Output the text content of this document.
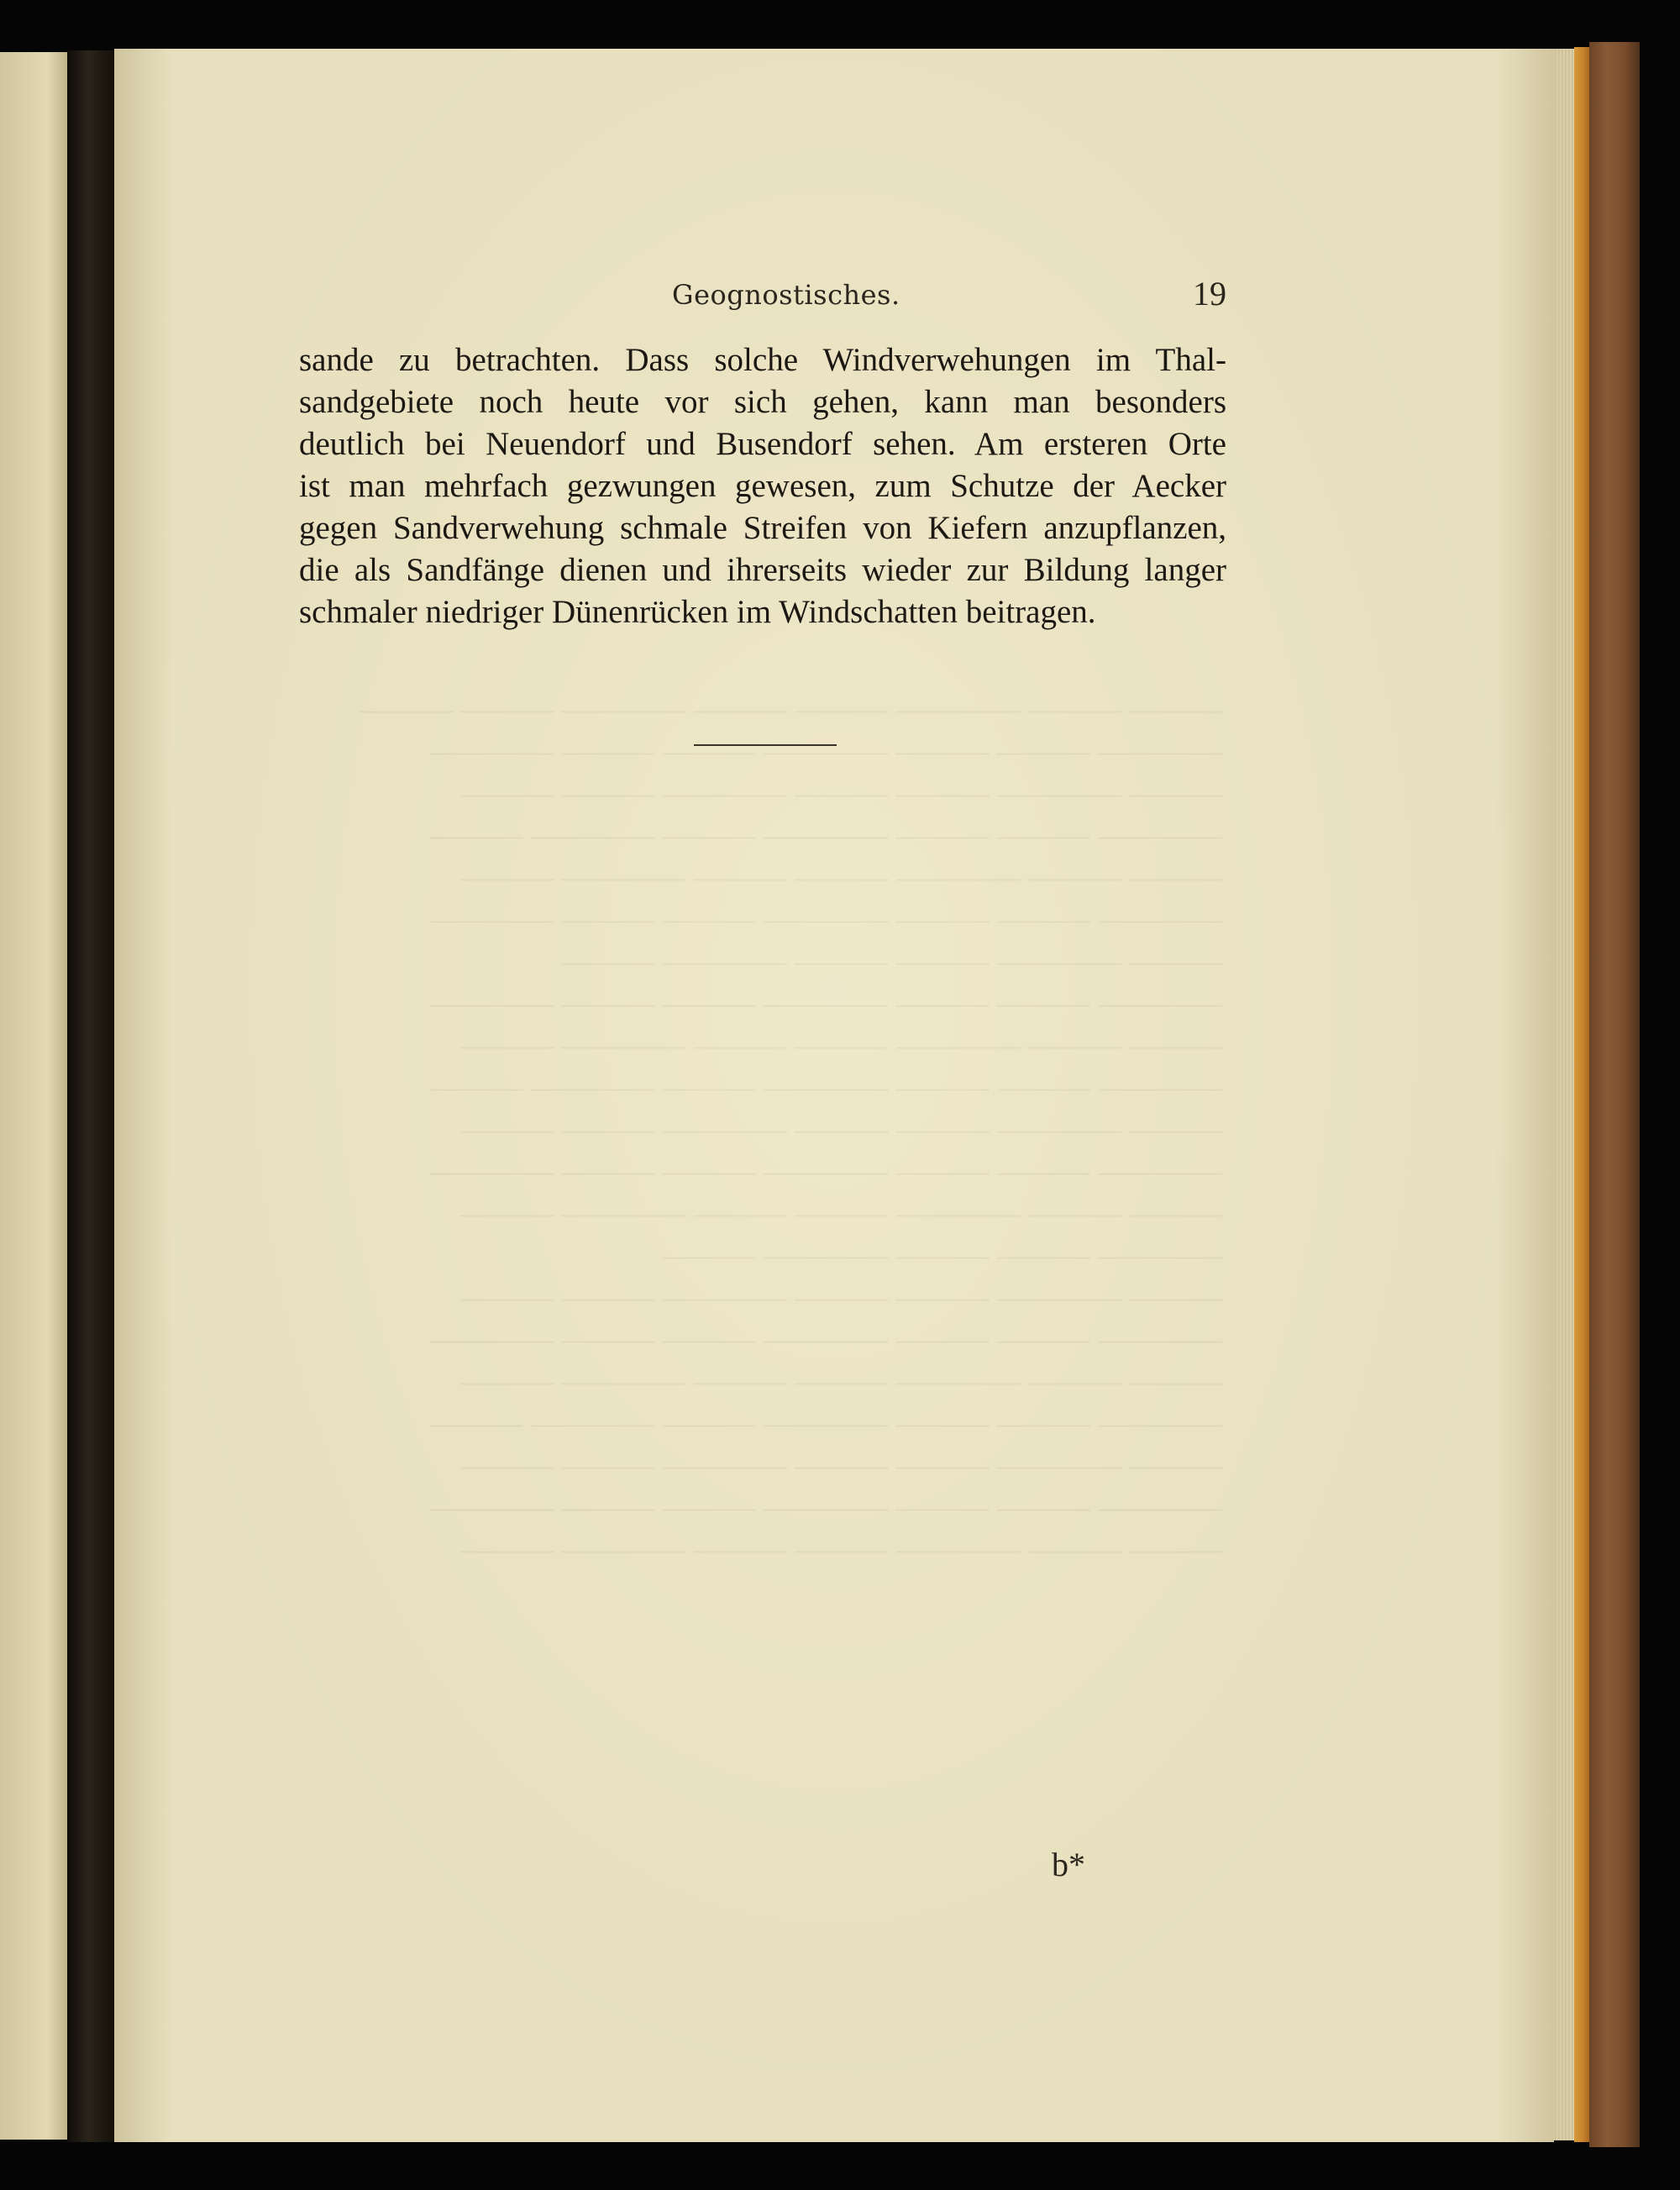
Geognostisches.	19
sande zu betrachten. Dass solche Windverwehungen im Thal-
sandgebiete noch heute vor sich gehen, kann man besonders
deutlich bei Neuendorf und Busendorf sehen. Am ersteren Orte
ist man mehrfach gezwungen gewesen, zum Schutze der Aecker
gegen Sandverwehung schmale Streifen von Kiefern anzupflanzen,
die als Sandfänge dienen und ihrerseits wieder zur Bildung langer
schmaler niedriger Dünenrücken im Windschatten beitragen.
b*
